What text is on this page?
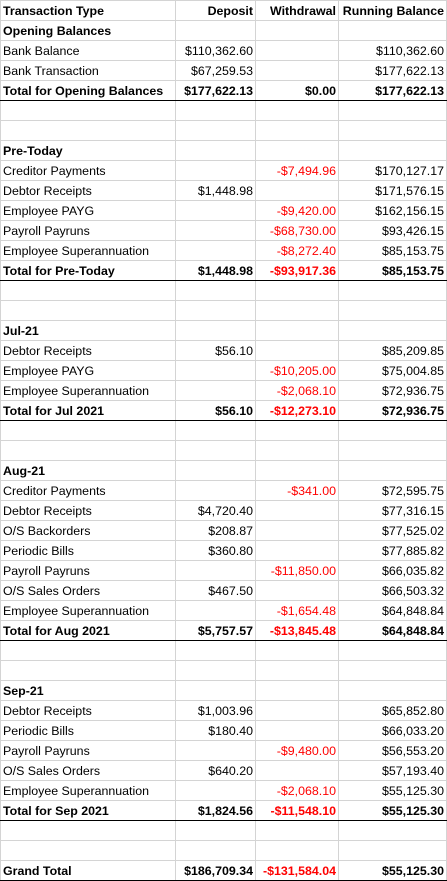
Transaction Type	Deposit	Withdrawal	Running Balance
Opening Balances			
Bank Balance	$110,362.60		$110,362.60
Bank Transaction	$67,259.53		$177,622.13
Total for Opening Balances	$177,622.13	$0.00	$177,622.13

Pre-Today			
Creditor Payments		-$7,494.96	$170,127.17
Debtor Receipts	$1,448.98		$171,576.15
Employee PAYG		-$9,420.00	$162,156.15
Payroll Payruns		-$68,730.00	$93,426.15
Employee Superannuation		-$8,272.40	$85,153.75
Total for Pre-Today	$1,448.98	-$93,917.36	$85,153.75

Jul-21			
Debtor Receipts	$56.10		$85,209.85
Employee PAYG		-$10,205.00	$75,004.85
Employee Superannuation		-$2,068.10	$72,936.75
Total for Jul 2021	$56.10	-$12,273.10	$72,936.75

Aug-21			
Creditor Payments		-$341.00	$72,595.75
Debtor Receipts	$4,720.40		$77,316.15
O/S Backorders	$208.87		$77,525.02
Periodic Bills	$360.80		$77,885.82
Payroll Payruns		-$11,850.00	$66,035.82
O/S Sales Orders	$467.50		$66,503.32
Employee Superannuation		-$1,654.48	$64,848.84
Total for Aug 2021	$5,757.57	-$13,845.48	$64,848.84

Sep-21			
Debtor Receipts	$1,003.96		$65,852.80
Periodic Bills	$180.40		$66,033.20
Payroll Payruns		-$9,480.00	$56,553.20
O/S Sales Orders	$640.20		$57,193.40
Employee Superannuation		-$2,068.10	$55,125.30
Total for Sep 2021	$1,824.56	-$11,548.10	$55,125.30

Grand Total	$186,709.34	-$131,584.04	$55,125.30
